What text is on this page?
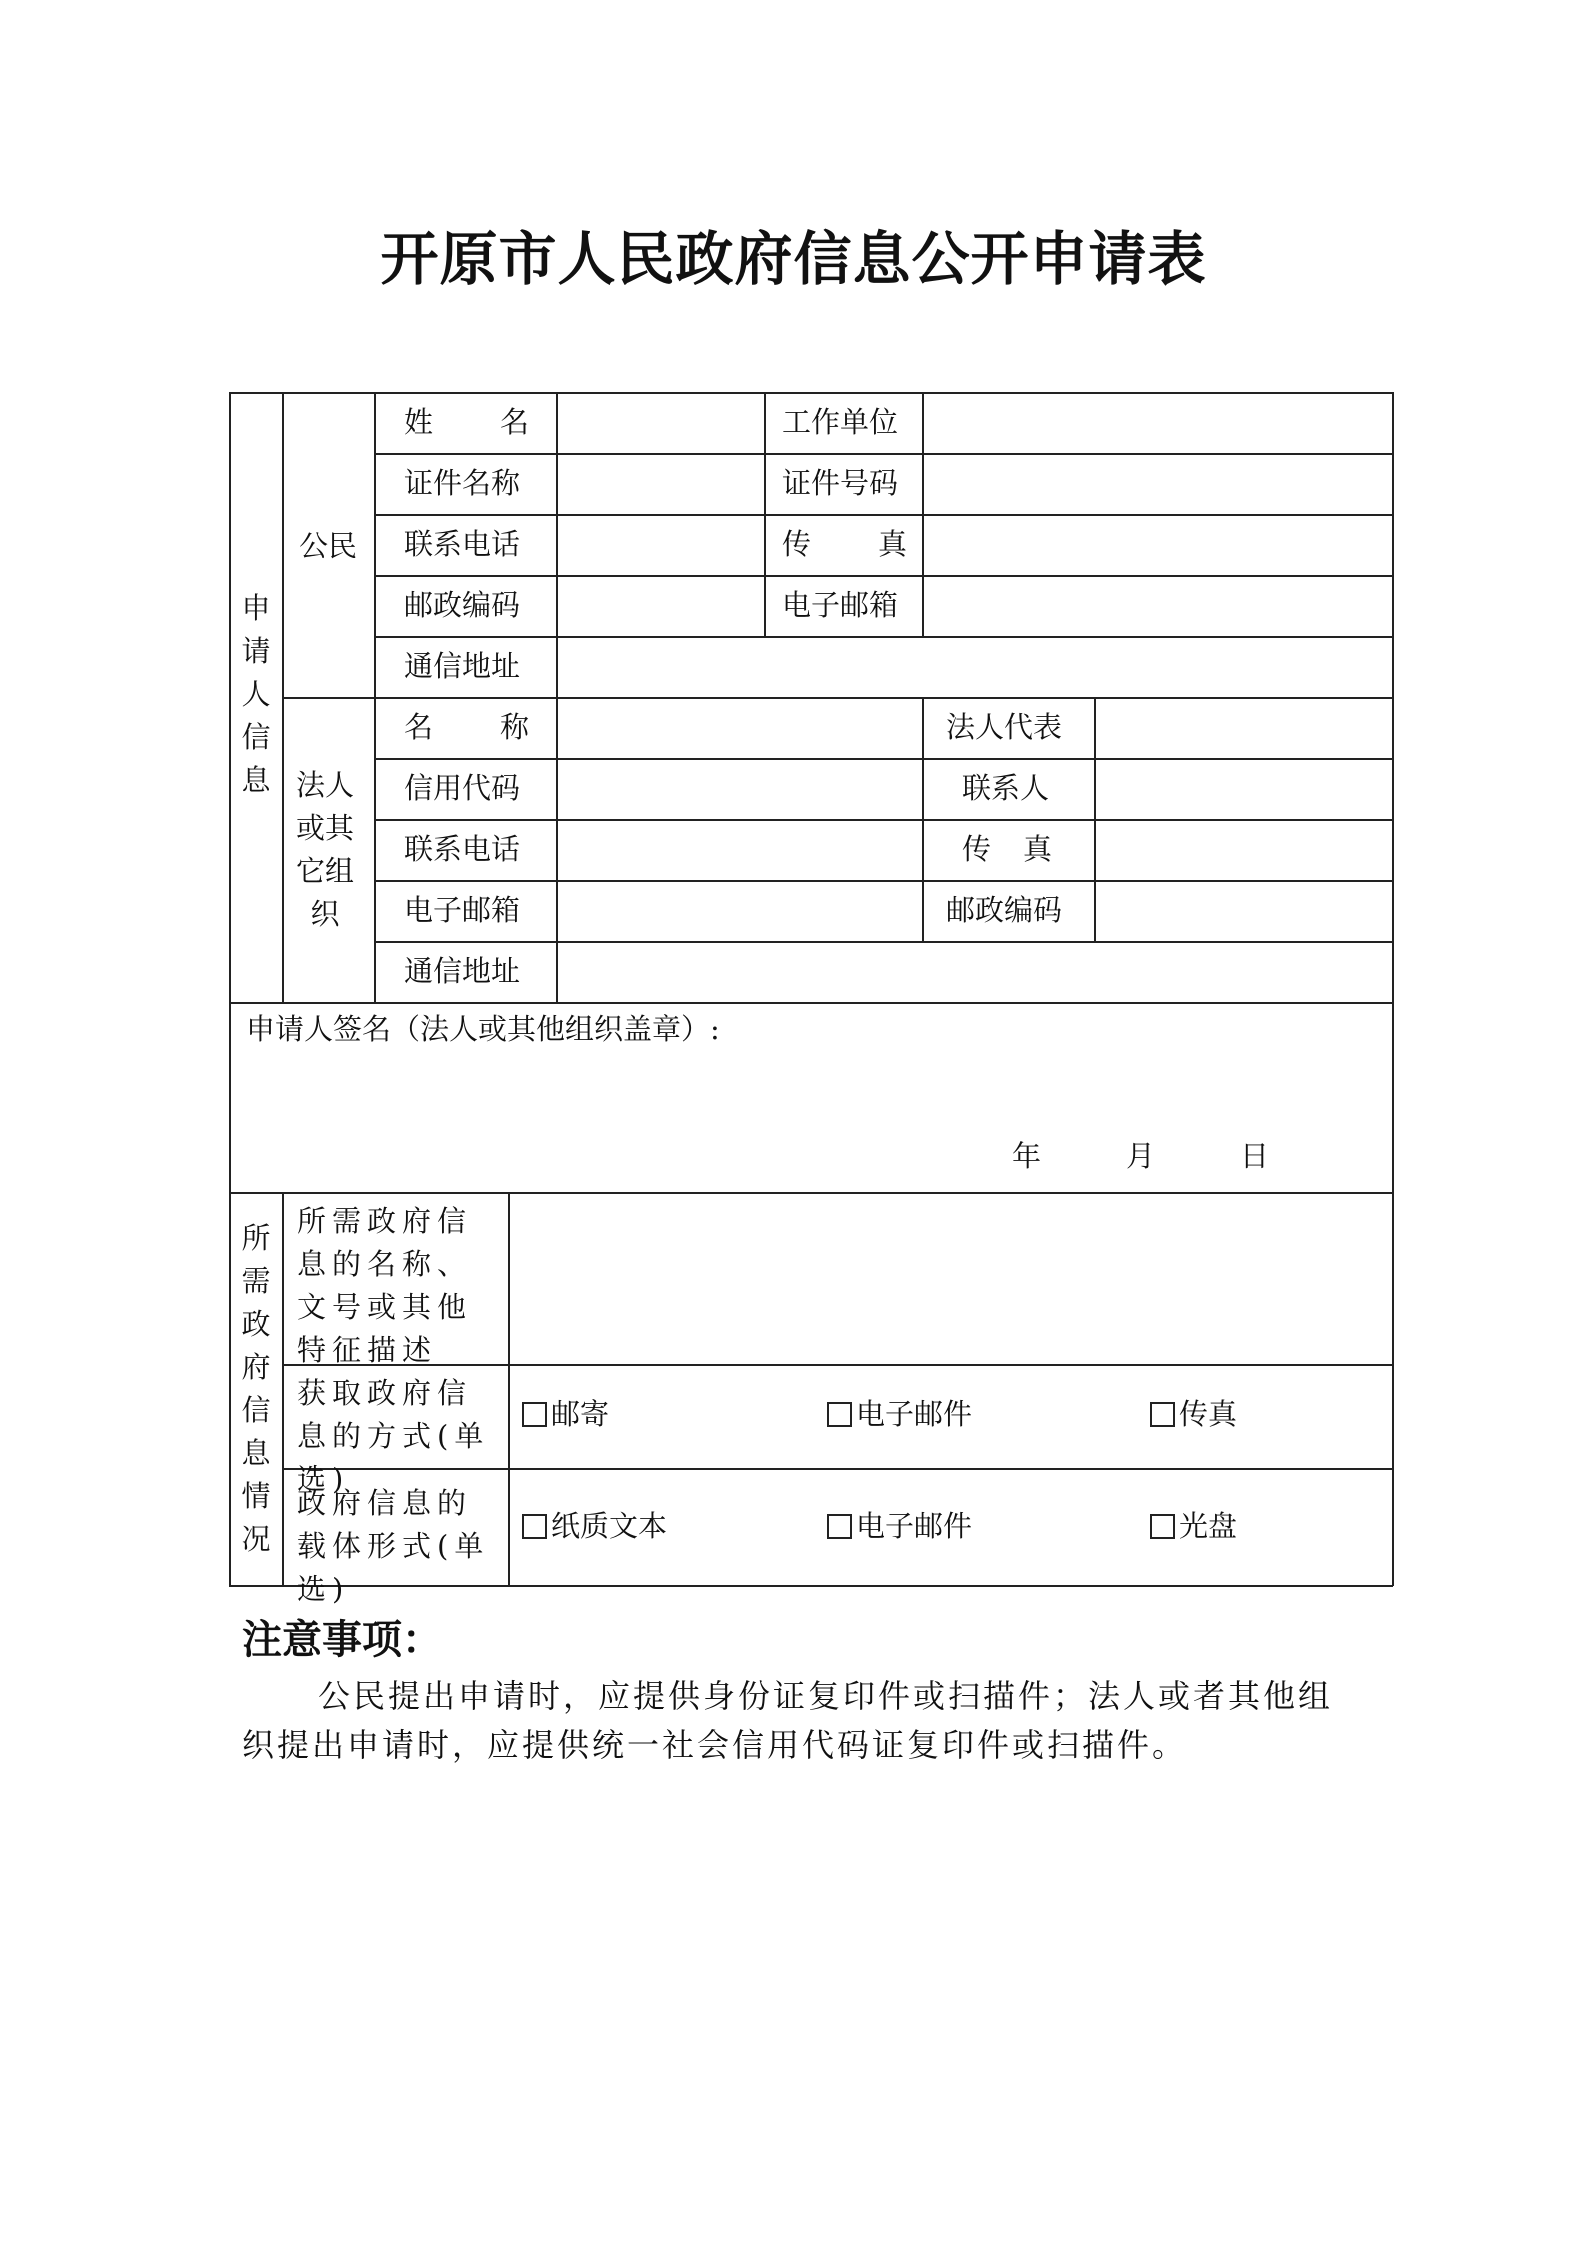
开原市人民政府信息公开申请表
申请人信息
公民
法人或其它组织
姓 名	工作单位
证件名称	证件号码
联系电话	传 真
邮政编码	电子邮箱
通信地址
名 称	法人代表
信用代码	联系人
联系电话	传 真
电子邮箱	邮政编码
通信地址
申请人签名（法人或其他组织盖章）:
年	月	日
所需政府信息情况
所需政府信息的名称、文号或其他特征描述
获取政府信息的方式(单选)
邮寄	电子邮件	传真
政府信息的载体形式(单选)
纸质文本	电子邮件	光盘
注意事项：
公民提出申请时，应提供身份证复印件或扫描件；法人或者其他组织提出申请时，应提供统一社会信用代码证复印件或扫描件。
